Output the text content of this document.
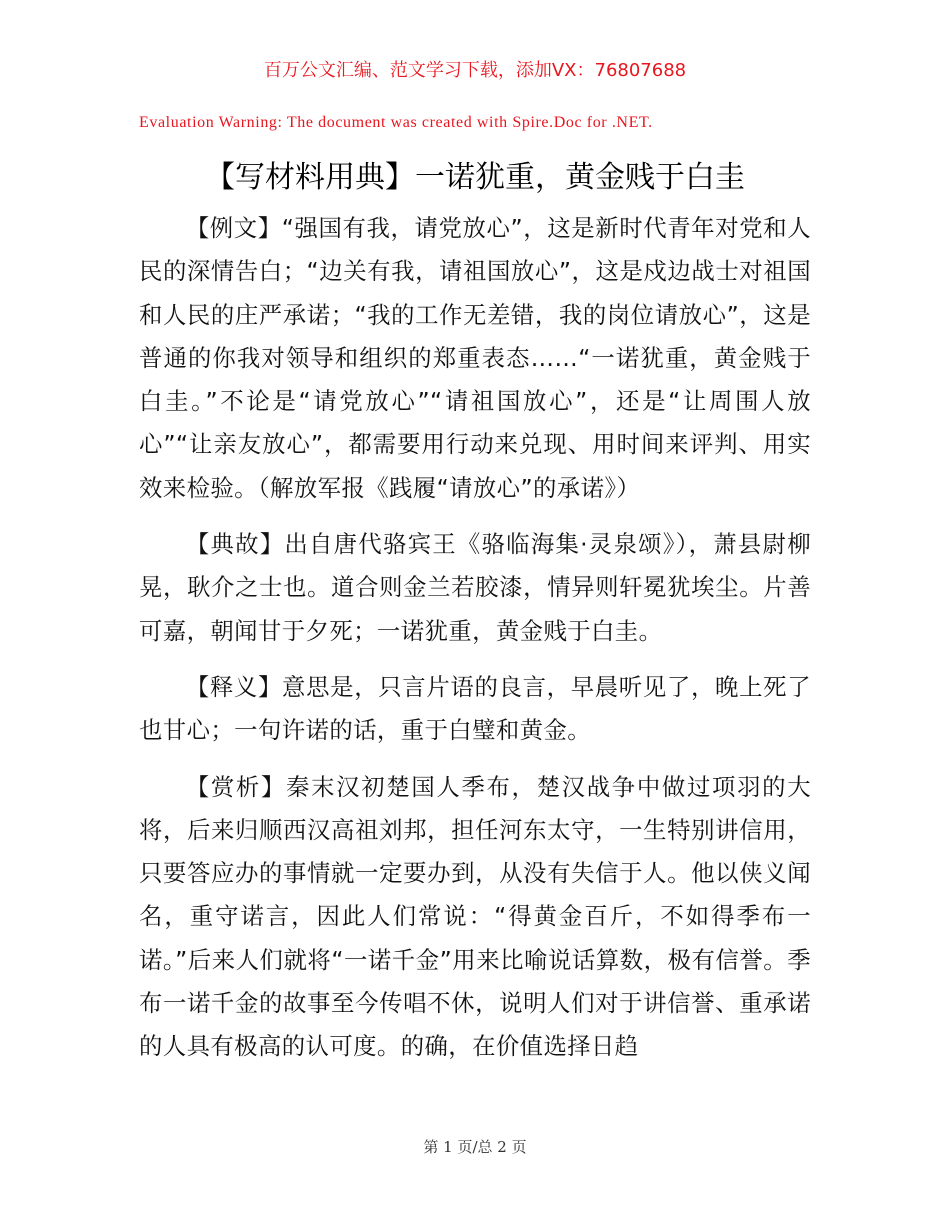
百万公文汇编、范文学习下载，添加VX：76807688
Evaluation Warning: The document was created with Spire.Doc for .NET.
【写材料用典】一诺犹重，黄金贱于白圭

【例文】“强国有我，请党放心”，这是新时代青年对党和人民的深情告白；“边关有我，请祖国放心”，这是戍边战士对祖国和人民的庄严承诺；“我的工作无差错，我的岗位请放心”，这是普通的你我对领导和组织的郑重表态……“一诺犹重，黄金贱于白圭。”不论是“请党放心”“请祖国放心”，还是“让周围人放心”“让亲友放心”，都需要用行动来兑现、用时间来评判、用实效来检验。（解放军报《践履“请放心”的承诺》）

【典故】出自唐代骆宾王《骆临海集·灵泉颂》），萧县尉柳晃，耿介之士也。道合则金兰若胶漆，情异则轩冕犹埃尘。片善可嘉，朝闻甘于夕死；一诺犹重，黄金贱于白圭。

【释义】意思是，只言片语的良言，早晨听见了，晚上死了也甘心；一句许诺的话，重于白璧和黄金。

【赏析】秦末汉初楚国人季布，楚汉战争中做过项羽的大将，后来归顺西汉高祖刘邦，担任河东太守，一生特别讲信用，只要答应办的事情就一定要办到，从没有失信于人。他以侠义闻名，重守诺言，因此人们常说：“得黄金百斤，不如得季布一诺。”后来人们就将“一诺千金”用来比喻说话算数，极有信誉。季布一诺千金的故事至今传唱不休，说明人们对于讲信誉、重承诺的人具有极高的认可度。的确，在价值选择日趋

第 1 页/总 2 页
